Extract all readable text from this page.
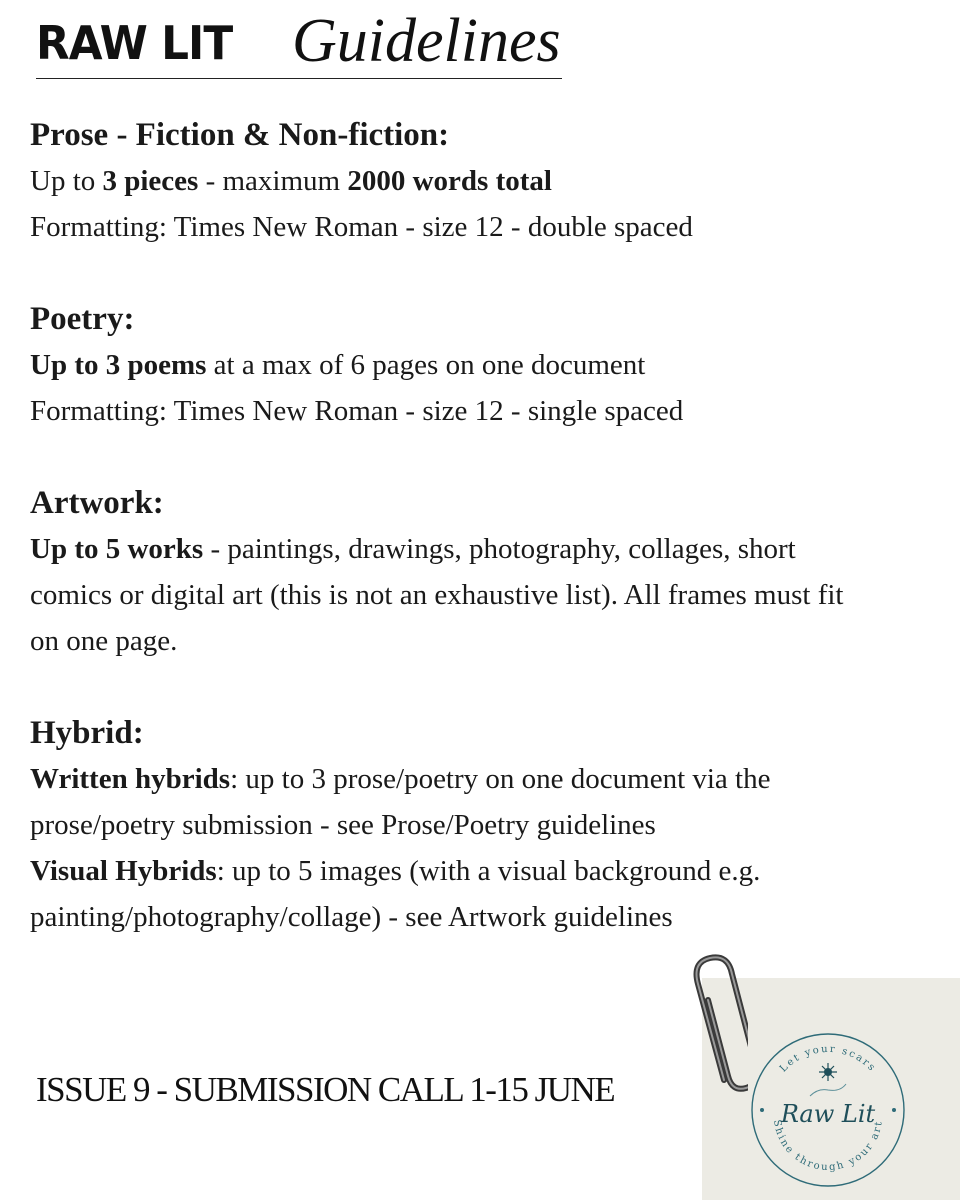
RAW LIT Guidelines

Prose - Fiction & Non-fiction:

Up to 3 pieces - maximum 2000 words total

Formatting: Times New Roman - size 12 - double spaced

Poetry:

Up to 3 poems at a max of 6 pages on one document

Formatting: Times New Roman - size 12 - single spaced

Artwork:

Up to 5 works - paintings, drawings, photography, collages, short

comics or digital art (this is not an exhaustive list). All frames must fit

on one page.

Hybrid:

Written hybrids: up to 3 prose/poetry on one document via the

prose/poetry submission - see Prose/Poetry guidelines

Visual Hybrids: up to 5 images (with a visual background e.g.

painting/photography/collage) - see Artwork guidelines

ISSUE 9 - SUBMISSION CALL 1-15 JUNE
Let your scars
Shine through your art
Raw Lit
